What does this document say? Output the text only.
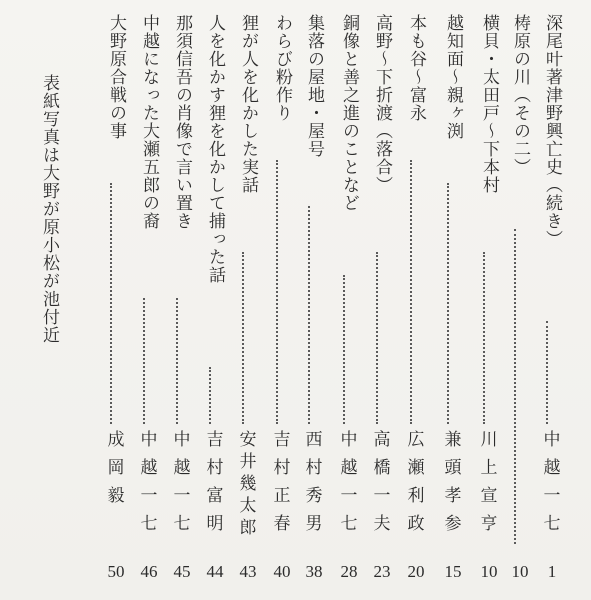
表紙写真は大野が原小松が池付近	深尾叶著津野興亡史（続き）
中
越
一
七
1
梼原の川（その二）
10
横貝・太田戸〜下本村
川
上
宣
亨
10
越知面〜親ヶ渕
兼
頭
孝
参
15
本も谷〜富永
広
瀬
利
政
20
高野〜下折渡（落合）
高
橋
一
夫
23
銅像と善之進のことなど
中
越
一
七
28
集落の屋地・屋号
西
村
秀
男
38
わらび粉作り
吉
村
正
春
40
狸が人を化かした実話
安
井
幾
太
郎
43
人を化かす狸を化かして捕った話
吉
村
富
明
44
那須信吾の肖像で言い置き
中
越
一
七
45
中越になった大瀬五郎の裔
中
越
一
七
46
大野原合戦の事
成
岡
毅
50
